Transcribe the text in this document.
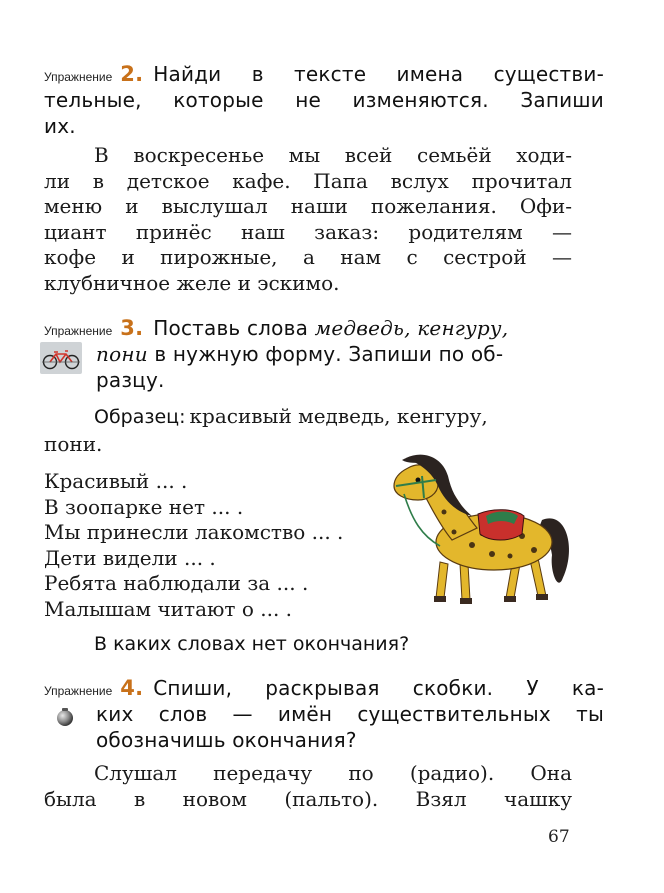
Упражнение 2. Найди в тексте имена существи-
тельные, которые не изменяются. Запиши
их.
В воскресенье мы всей семьёй ходи-
ли в детское кафе. Папа вслух прочитал
меню и выслушал наши пожелания. Офи-
циант принёс наш заказ: родителям —
кофе и пирожные, а нам с сестрой —
клубничное желе и эскимо.
Упражнение 3. Поставь слова медведь, кенгуру,
пони в нужную форму. Запиши по об-
разцу.
Образец: красивый медведь, кенгуру,
пони.
Красивый ... .
В зоопарке нет ... .
Мы принесли лакомство ... .
Дети видели ... .
Ребята наблюдали за ... .
Малышам читают о ... .
В каких словах нет окончания?
Упражнение 4. Спиши, раскрывая скобки. У ка-
ких слов — имён существительных ты
обозначишь окончания?
Слушал передачу по (радио). Она
была в новом (пальто). Взял чашку
67
